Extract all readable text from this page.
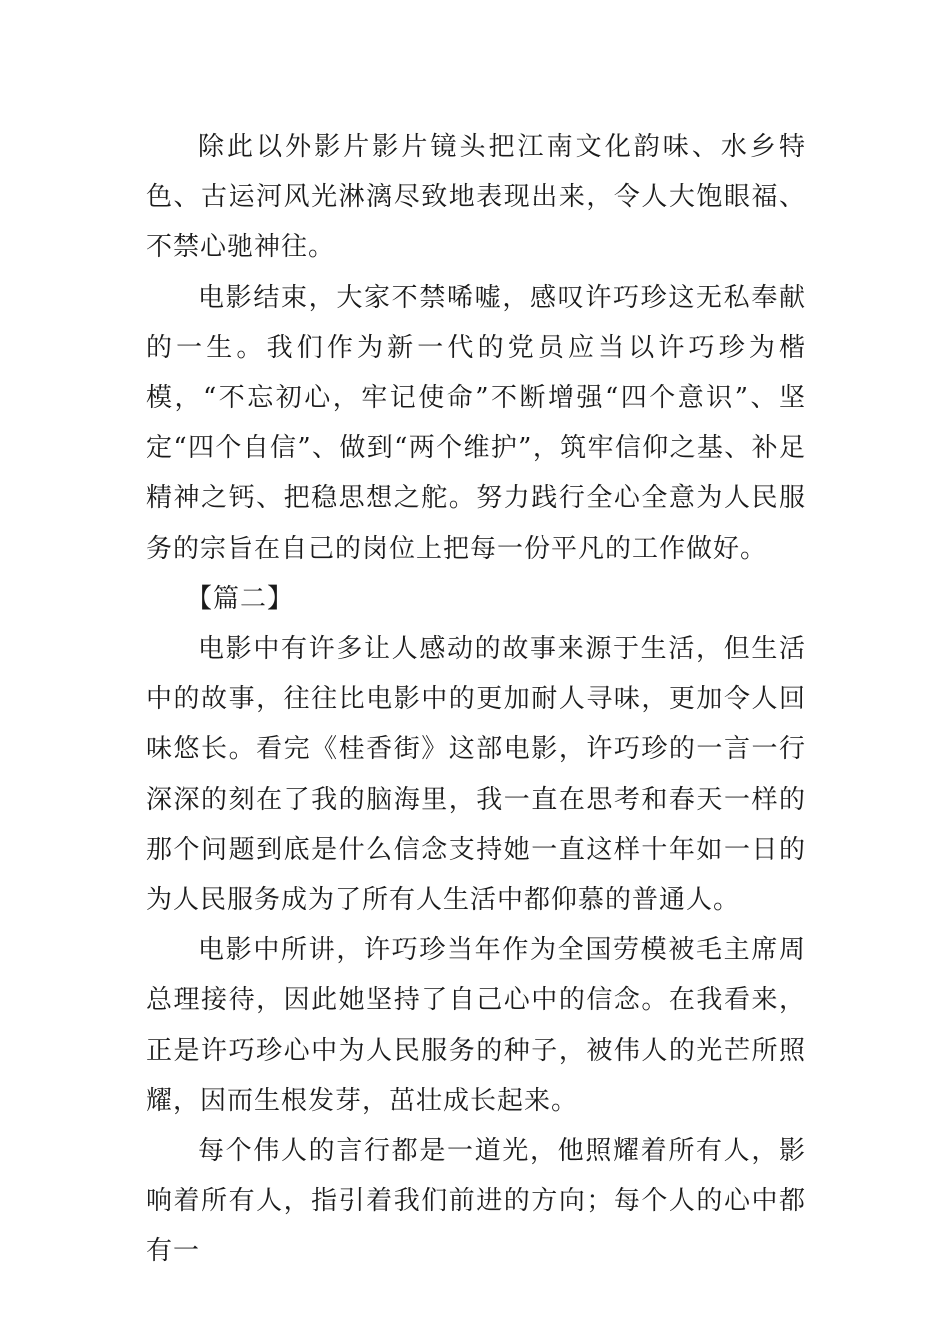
除此以外影片影片镜头把江南文化韵味、水乡特色、古运河风光淋漓尽致地表现出来，令人大饱眼福、不禁心驰神往。

电影结束，大家不禁唏嘘，感叹许巧珍这无私奉献的一生。我们作为新一代的党员应当以许巧珍为楷模，“不忘初心，牢记使命”不断增强“四个意识”、坚定“四个自信”、做到“两个维护”，筑牢信仰之基、补足精神之钙、把稳思想之舵。努力践行全心全意为人民服务的宗旨在自己的岗位上把每一份平凡的工作做好。

【篇二】

电影中有许多让人感动的故事来源于生活，但生活中的故事，往往比电影中的更加耐人寻味，更加令人回味悠长。看完《桂香街》这部电影，许巧珍的一言一行深深的刻在了我的脑海里，我一直在思考和春天一样的那个问题到底是什么信念支持她一直这样十年如一日的为人民服务成为了所有人生活中都仰慕的普通人。

电影中所讲，许巧珍当年作为全国劳模被毛主席周总理接待，因此她坚持了自己心中的信念。在我看来，正是许巧珍心中为人民服务的种子，被伟人的光芒所照耀，因而生根发芽，茁壮成长起来。

每个伟人的言行都是一道光，他照耀着所有人，影响着所有人，指引着我们前进的方向；每个人的心中都有一
